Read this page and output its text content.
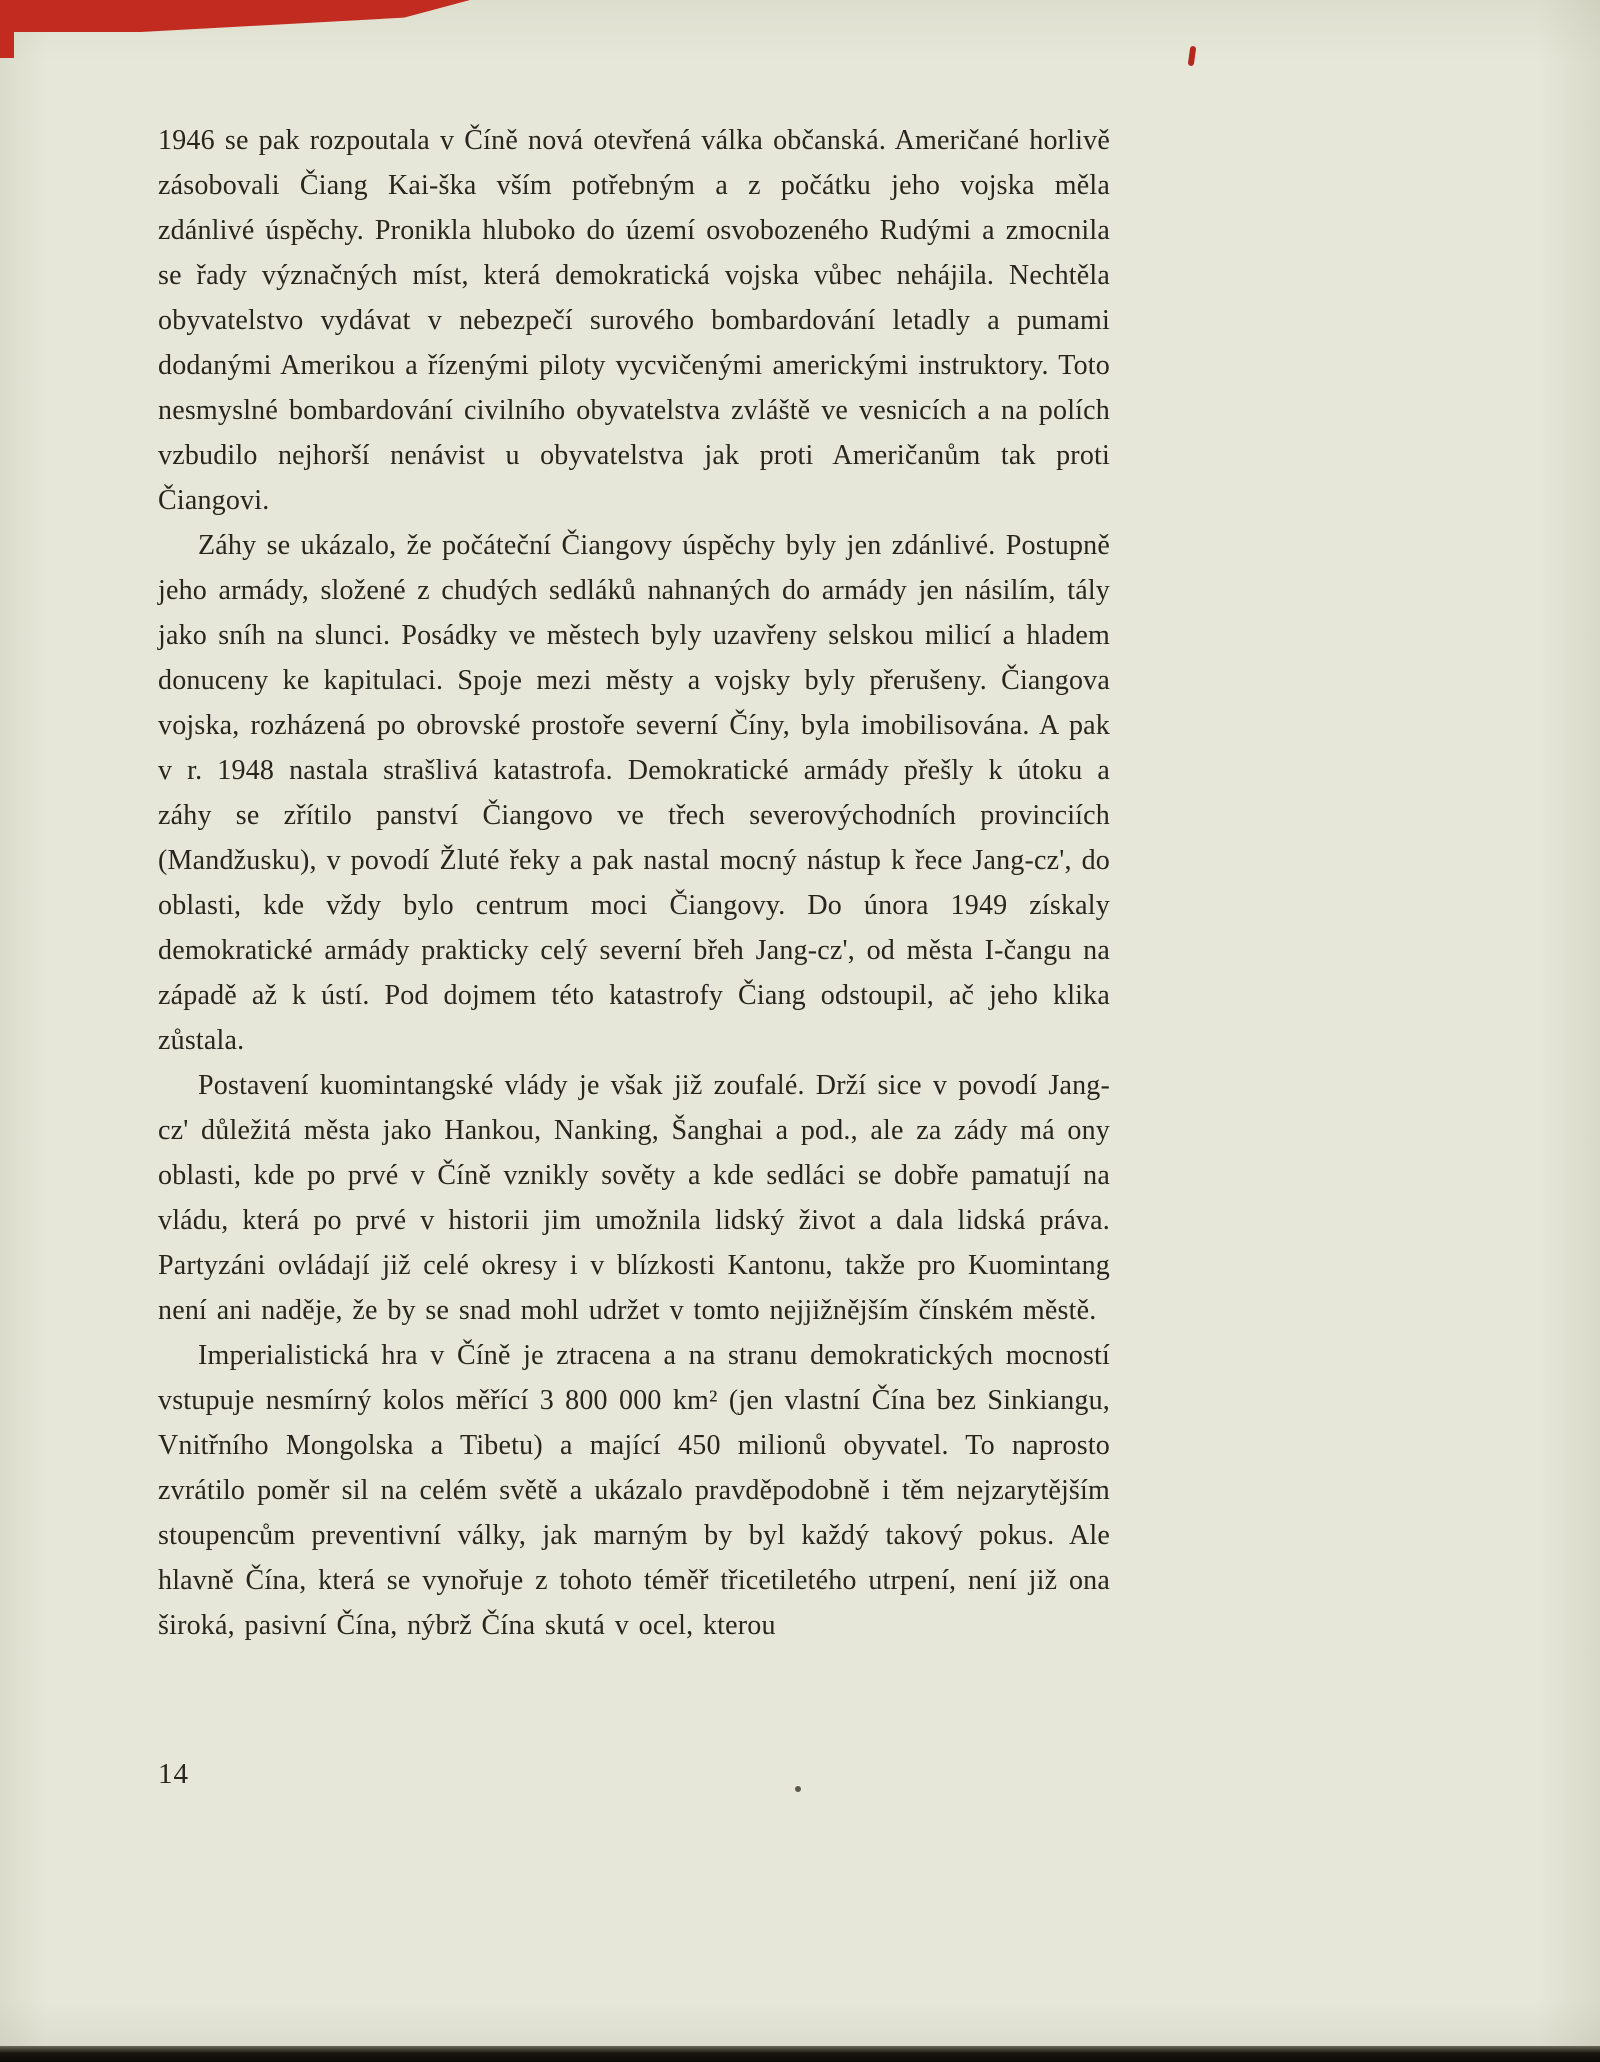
1946 se pak rozpoutala v Číně nová otevřená válka občanská. Američané horlivě zásobovali Čiang Kai-ška vším potřebným a z počátku jeho vojska měla zdánlivé úspěchy. Pronikla hluboko do území osvobozeného Rudými a zmocnila se řady význačných míst, která demokratická vojska vůbec nehájila. Nechtěla obyvatelstvo vydávat v nebezpečí surového bombardování letadly a pumami dodanými Amerikou a řízenými piloty vycvičenými americkými instruktory. Toto nesmyslné bombardování civilního obyvatelstva zvláště ve vesnicích a na polích vzbudilo nejhorší nenávist u obyvatelstva jak proti Američanům tak proti Čiangovi.

Záhy se ukázalo, že počáteční Čiangovy úspěchy byly jen zdánlivé. Postupně jeho armády, složené z chudých sedláků nahnaných do armády jen násilím, tály jako sníh na slunci. Posádky ve městech byly uzavřeny selskou milicí a hladem donuceny ke kapitulaci. Spoje mezi městy a vojsky byly přerušeny. Čiangova vojska, rozházená po obrovské prostoře severní Číny, byla imobilisována. A pak v r. 1948 nastala strašlivá katastrofa. Demokratické armády přešly k útoku a záhy se zřítilo panství Čiangovo ve třech severovýchodních provinciích (Mandžusku), v povodí Žluté řeky a pak nastal mocný nástup k řece Jang-cz', do oblasti, kde vždy bylo centrum moci Čiangovy. Do února 1949 získaly demokratické armády prakticky celý severní břeh Jang-cz', od města I-čangu na západě až k ústí. Pod dojmem této katastrofy Čiang odstoupil, ač jeho klika zůstala.

Postavení kuomintangské vlády je však již zoufalé. Drží sice v povodí Jang-cz' důležitá města jako Hankou, Nanking, Šanghai a pod., ale za zády má ony oblasti, kde po prvé v Číně vznikly sověty a kde sedláci se dobře pamatují na vládu, která po prvé v historii jim umožnila lidský život a dala lidská práva. Partyzáni ovládají již celé okresy i v blízkosti Kantonu, takže pro Kuomintang není ani naděje, že by se snad mohl udržet v tomto nejjižnějším čínském městě.

Imperialistická hra v Číně je ztracena a na stranu demokratických mocností vstupuje nesmírný kolos měřící 3 800 000 km² (jen vlastní Čína bez Sinkiangu, Vnitřního Mongolska a Tibetu) a mající 450 milionů obyvatel. To naprosto zvrátilo poměr sil na celém světě a ukázalo pravděpodobně i těm nejzarytějším stoupencům preventivní války, jak marným by byl každý takový pokus. Ale hlavně Čína, která se vynořuje z tohoto téměř třicetiletého utrpení, není již ona široká, pasivní Čína, nýbrž Čína skutá v ocel, kterou

14
